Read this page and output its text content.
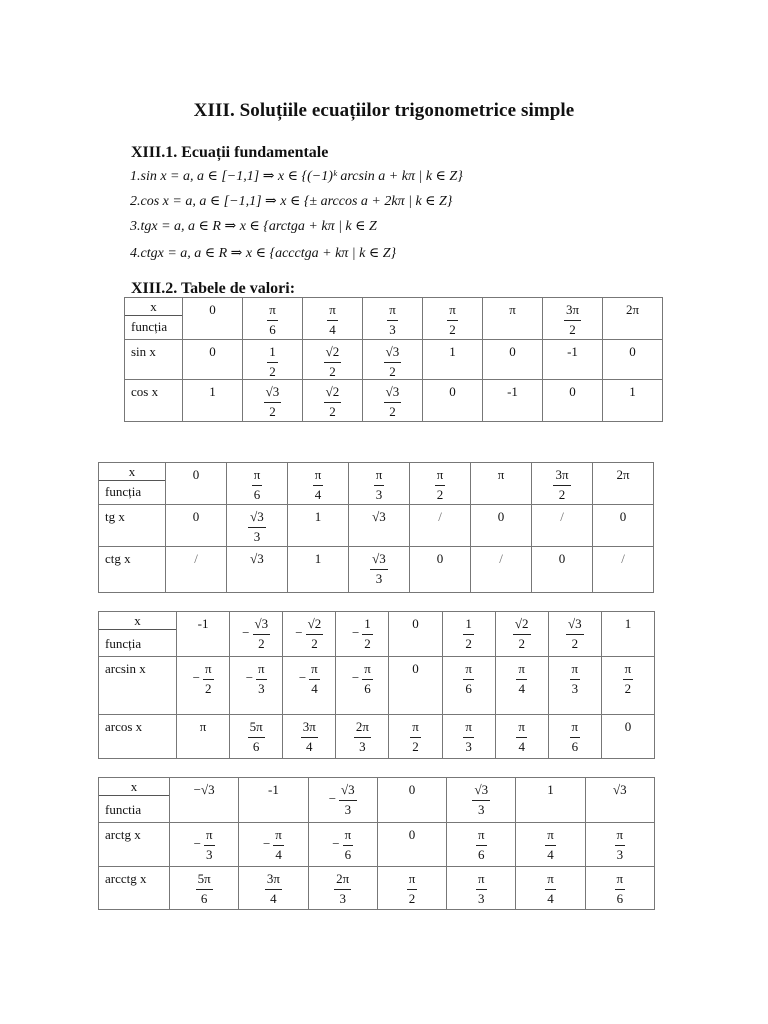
XIII. Soluțiile ecuațiilor trigonometrice simple
XIII.1. Ecuații fundamentale
1.sin x = a, a ∈ [−1,1] ⇒ x ∈ {(−1)ᵏ arcsin a + kπ | k ∈ Z}
2.cos x = a, a ∈ [−1,1] ⇒ x ∈ {± arccos a + 2kπ | k ∈ Z}
3.tgx = a, a ∈ R ⇒ x ∈ {arctga + kπ | k ∈ Z
4.ctgx = a, a ∈ R ⇒ x ∈ {accctga + kπ | k ∈ Z}
XIII.2. Tabele de valori:
x
funcția	0	$\frac{\pi}{6}$	$\frac{\pi}{4}$	$\frac{\pi}{3}$	$\frac{\pi}{2}$	π	$\frac{3\pi}{2}$	2π

sin x	0	$\frac{1}{2}$	$\frac{√2}{2}$	$\frac{√3}{2}$	1	0	-1	0

cos x	1	$\frac{√3}{2}$	$\frac{√2}{2}$	$\frac{√3}{2}$	0	-1	0	1
x
funcția	0	$\frac{\pi}{6}$	$\frac{\pi}{4}$	$\frac{\pi}{3}$	$\frac{\pi}{2}$	π	$\frac{3\pi}{2}$	2π

tg x	0	$\frac{√3}{3}$	1	√3	/	0	/	0

ctg x	/	√3	1	$\frac{√3}{3}$	0	/	0	/
x
funcția	-1	− $\frac{√3}{2}$	− $\frac{√2}{2}$	− $\frac{1}{2}$	0	$\frac{1}{2}$	$\frac{√2}{2}$	$\frac{√3}{2}$	1

arcsin x	− $\frac{\pi}{2}$	− $\frac{\pi}{3}$	− $\frac{\pi}{4}$	− $\frac{\pi}{6}$	0	$\frac{\pi}{6}$	$\frac{\pi}{4}$	$\frac{\pi}{3}$	$\frac{\pi}{2}$

arcos x	π	$\frac{5\pi}{6}$	$\frac{3\pi}{4}$	$\frac{2\pi}{3}$	$\frac{\pi}{2}$	$\frac{\pi}{3}$	$\frac{\pi}{4}$	$\frac{\pi}{6}$	0
x
functia	−√3	-1	− $\frac{√3}{3}$	0	$\frac{√3}{3}$	1	√3

arctg x	− $\frac{\pi}{3}$	− $\frac{\pi}{4}$	− $\frac{\pi}{6}$	0	$\frac{\pi}{6}$	$\frac{\pi}{4}$	$\frac{\pi}{3}$

arcctg x	$\frac{5\pi}{6}$	$\frac{3\pi}{4}$	$\frac{2\pi}{3}$	$\frac{\pi}{2}$	$\frac{\pi}{3}$	$\frac{\pi}{4}$	$\frac{\pi}{6}$
